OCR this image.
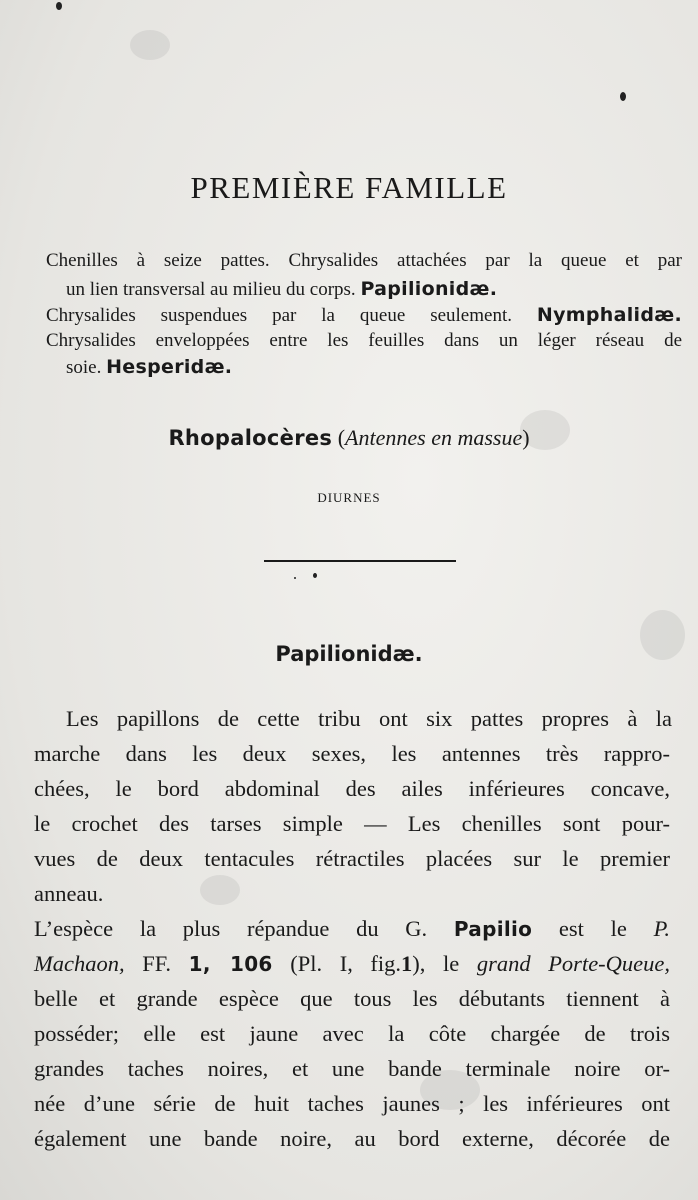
PREMIÈRE FAMILLE

Chenilles à seize pattes. Chrysalides attachées par la queue et par

un lien transversal au milieu du corps. Papilionidæ.

Chrysalides suspendues par la queue seulement. Nymphalidæ.

Chrysalides enveloppées entre les feuilles dans un léger réseau de

soie. Hesperidæ.

Rhopalocères (Antennes en massue)
DIURNES
Papilionidæ.

Les papillons de cette tribu ont six pattes propres à la

marche dans les deux sexes, les antennes très rappro-

chées, le bord abdominal des ailes inférieures concave,

le crochet des tarses simple — Les chenilles sont pour-

vues de deux tentacules rétractiles placées sur le premier

anneau.

L’espèce la plus répandue du G. Papilio est le P.

Machaon, FF. 1, 106 (Pl. I, fig.1), le grand Porte-Queue,

belle et grande espèce que tous les débutants tiennent à

posséder; elle est jaune avec la côte chargée de trois

grandes taches noires, et une bande terminale noire or-

née d’une série de huit taches jaunes ; les inférieures ont

également une bande noire, au bord externe, décorée de
